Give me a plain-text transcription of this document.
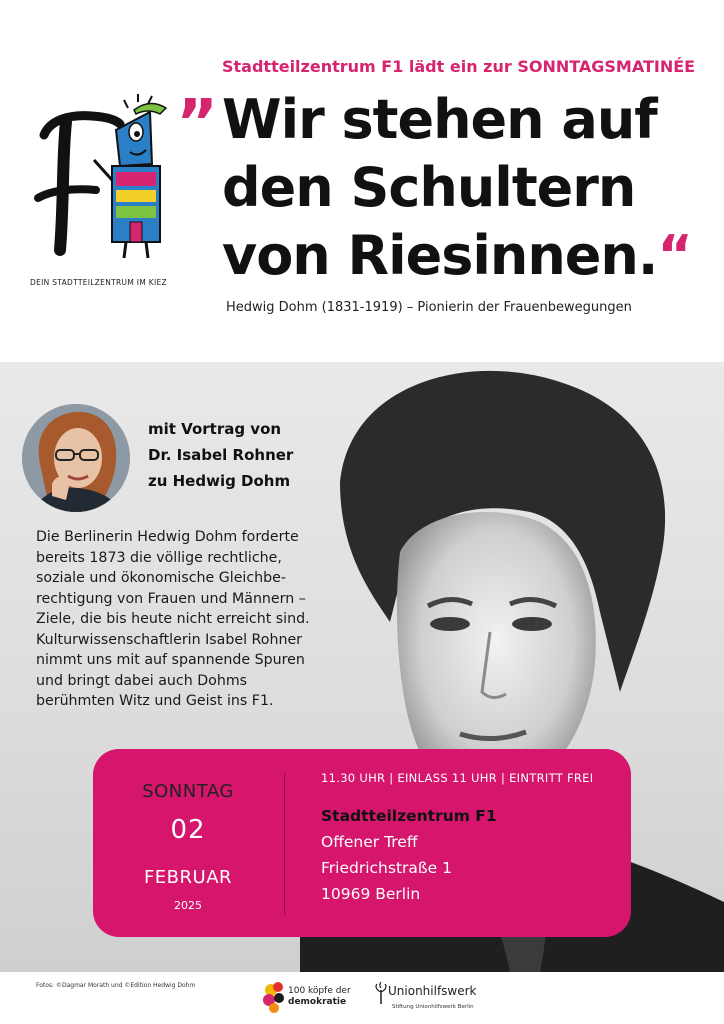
DEIN STADTTEILZENTRUM IM KIEZ
Stadtteilzentrum F1 lädt ein zur SONNTAGSMATINÉE
” Wir stehen auf
den Schultern
von Riesinnen.“
Hedwig Dohm (1831-1919) – Pionierin der Frauenbewegungen
mit Vortrag von
Dr. Isabel Rohner
zu Hedwig Dohm
Die Berlinerin Hedwig Dohm forderte
bereits 1873 die völlige rechtliche,
soziale und ökonomische Gleichbe-
rechtigung von Frauen und Männern –
Ziele, die bis heute nicht erreicht sind.
Kulturwissenschaftlerin Isabel Rohner
nimmt uns mit auf spannende Spuren
und bringt dabei auch Dohms
berühmten Witz und Geist ins F1.
SONNTAG
02
FEBRUAR
2025
11.30 UHR | EINLASS 11 UHR | EINTRITT FREI
Stadtteilzentrum F1
Offener Treff
Friedrichstraße 1
10969 Berlin
Fotos: ©Dagmar Morath und ©Edition Hedwig Dohm
100 köpfe der
demokratie
Unionhilfswerk
Stiftung Unionhilfswerk Berlin
